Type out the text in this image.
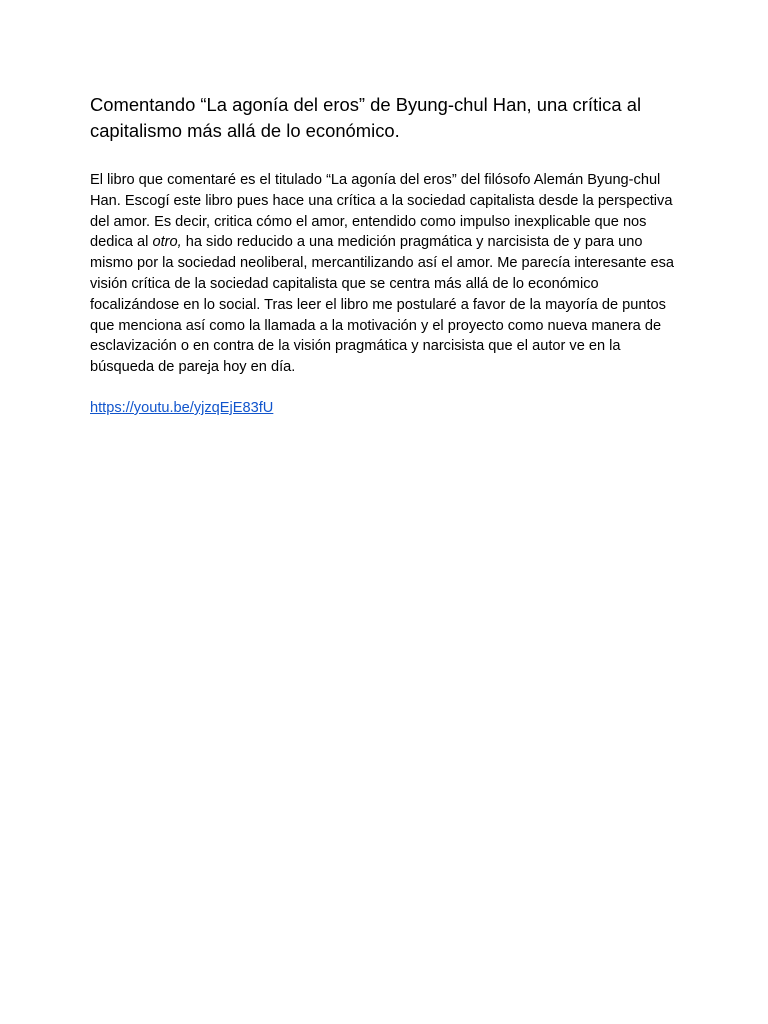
Comentando “La agonía del eros” de Byung-chul Han, una crítica al capitalismo más allá de lo económico.

El libro que comentaré es el titulado “La agonía del eros” del filósofo Alemán Byung-chul Han. Escogí este libro pues hace una crítica a la sociedad capitalista desde la perspectiva del amor. Es decir, critica cómo el amor, entendido como impulso inexplicable que nos dedica al otro, ha sido reducido a una medición pragmática y narcisista de y para uno mismo por la sociedad neoliberal, mercantilizando así el amor. Me parecía interesante esa visión crítica de la sociedad capitalista que se centra más allá de lo económico focalizándose en lo social. Tras leer el libro me postularé a favor de la mayoría de puntos que menciona así como la llamada a la motivación y el proyecto como nueva manera de esclavización o en contra de la visión pragmática y narcisista que el autor ve en la búsqueda de pareja hoy en día.

https://youtu.be/yjzqEjE83fU
